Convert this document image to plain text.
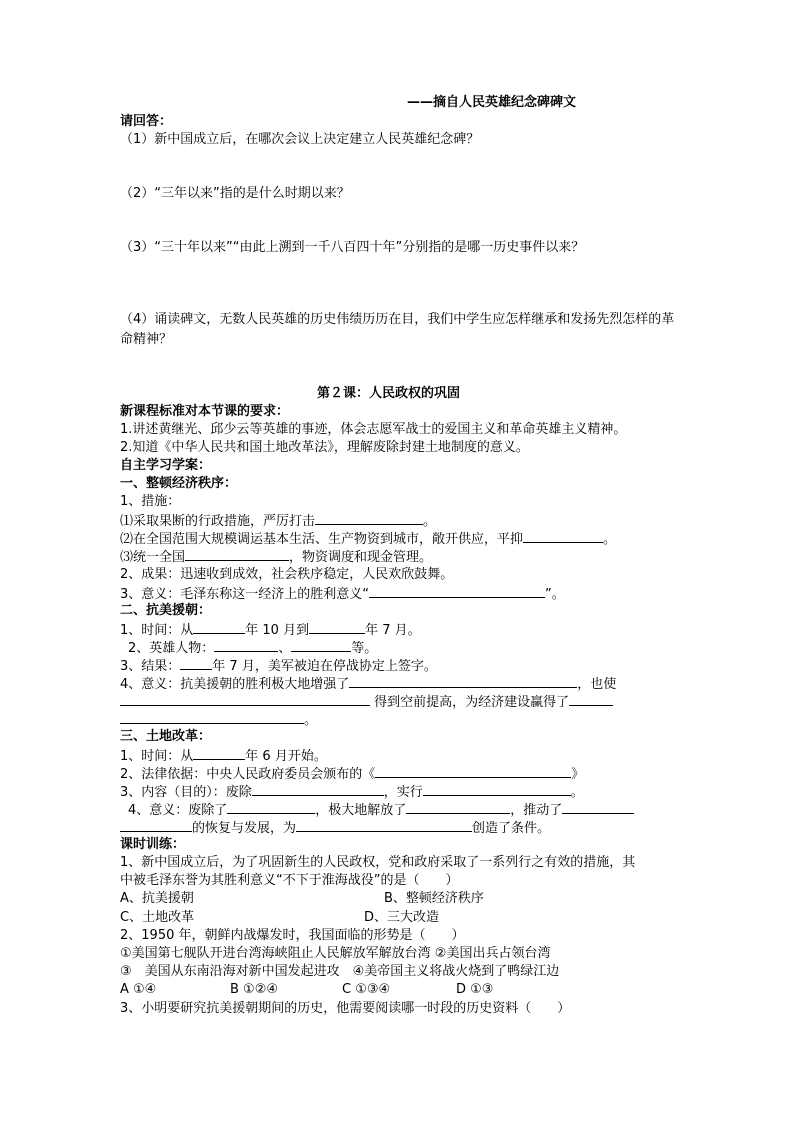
——摘自人民英雄纪念碑碑文
请回答：
（1）新中国成立后，在哪次会议上决定建立人民英雄纪念碑？
（2）“三年以来”指的是什么时期以来？
（3）“三十年以来”“由此上溯到一千八百四十年”分别指的是哪一历史事件以来？
（4）诵读碑文，无数人民英雄的历史伟绩历历在目，我们中学生应怎样继承和发扬先烈怎样的革命精神？
第２课：人民政权的巩固
新课程标准对本节课的要求：
1.讲述黄继光、邱少云等英雄的事迹，体会志愿军战士的爱国主义和革命英雄主义精神。
2.知道《中华人民共和国土地改革法》，理解废除封建土地制度的意义。
自主学习学案：
一、整顿经济秩序：
1、措施：
⑴采取果断的行政措施，严厉打击	。
⑵在全国范围大规模调运基本生活、生产物资到城市，敞开供应，平抑	。
⑶统一全国	，物资调度和现金管理。
2、成果：迅速收到成效，社会秩序稳定，人民欢欣鼓舞。
3、意义：毛泽东称这一经济上的胜利意义“	”。
二、抗美援朝：
1、时间：从	年 10 月到	年 7 月。
2、英雄人物：	、	等。
3、结果： 年 7 月，美军被迫在停战协定上签字。
4、意义：抗美援朝的胜利极大地增强了	，也使
得到空前提高，为经济建设赢得了
。
三、土地改革：
1、时间：从	年 6 月开始。
2、法律依据：中央人民政府委员会颁布的《	》
3、内容（目的）：废除	，实行	。
4、意义：废除了	，极大地解放了	，推动了
的恢复与发展，为	创造了条件。
课时训练：
1、新中国成立后，为了巩固新生的人民政权，党和政府采取了一系列行之有效的措施，其
中被毛泽东誉为其胜利意义“不下于淮海战役”的是（　　）
A、抗美援朝	B、整顿经济秩序
C、土地改革	D、三大改造
2、1950 年，朝鲜内战爆发时，我国面临的形势是（　　）
①美国第七舰队开进台湾海峡阻止人民解放军解放台湾 ②美国出兵占领台湾
③　美国从东南沿海对新中国发起进攻　④美帝国主义将战火烧到了鸭绿江边
A ①④	B ①②④	C ①③④	D ①③
3、小明要研究抗美援朝期间的历史，他需要阅读哪一时段的历史资料（　　）
